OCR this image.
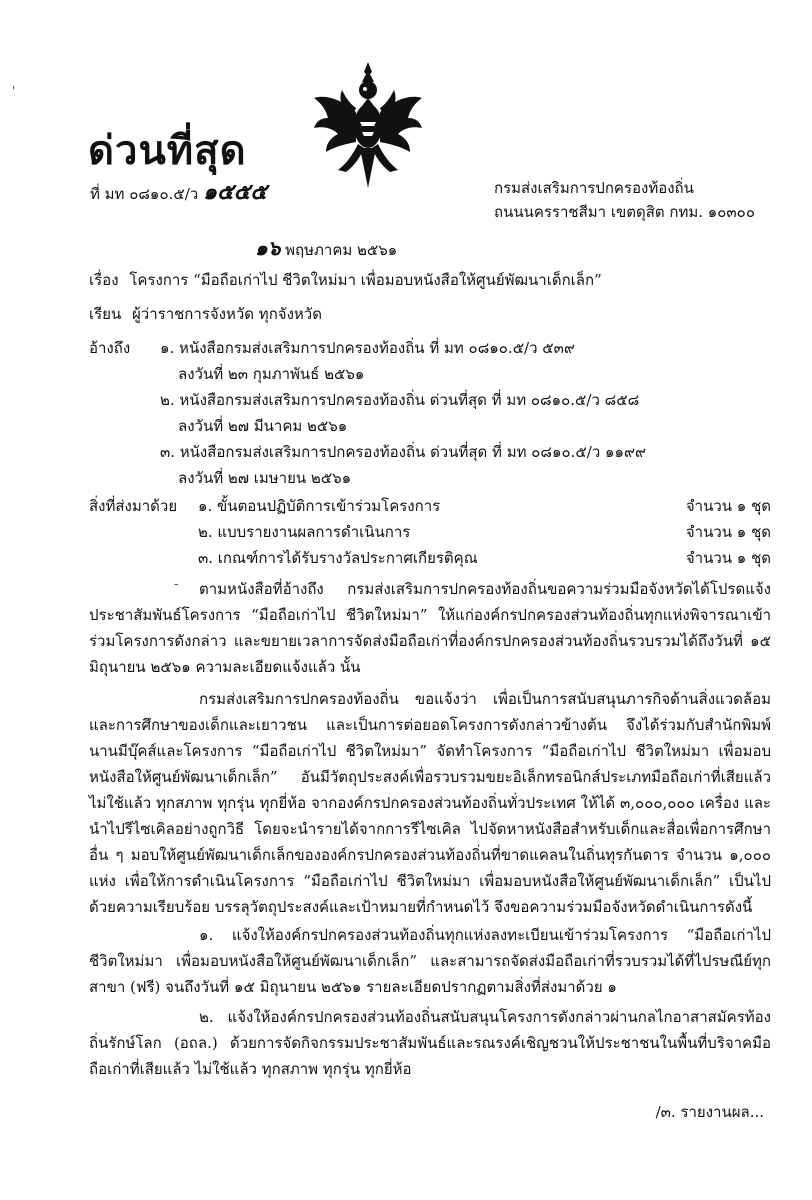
'
ด่วนที่สุด
ที่ มท ๐๘๑๐.๕/ว ๑๕๕๕	กรมส่งเสริมการปกครองท้องถิ่น
ถนนนครราชสีมา เขตดุสิต กทม. ๑๐๓๐๐
๑๖ พฤษภาคม ๒๕๖๑
เรื่อง โครงการ “มือถือเก่าไป ชีวิตใหม่มา เพื่อมอบหนังสือให้ศูนย์พัฒนาเด็กเล็ก”
เรียน ผู้ว่าราชการจังหวัด ทุกจังหวัด
อ้างถึง ๑. หนังสือกรมส่งเสริมการปกครองท้องถิ่น ที่ มท ๐๘๑๐.๕/ว ๕๓๙
ลงวันที่ ๒๓ กุมภาพันธ์ ๒๕๖๑
๒. หนังสือกรมส่งเสริมการปกครองท้องถิ่น ด่วนที่สุด ที่ มท ๐๘๑๐.๕/ว ๘๕๘
ลงวันที่ ๒๗ มีนาคม ๒๕๖๑
๓. หนังสือกรมส่งเสริมการปกครองท้องถิ่น ด่วนที่สุด ที่ มท ๐๘๑๐.๕/ว ๑๑๙๙
ลงวันที่ ๒๗ เมษายน ๒๕๖๑
สิ่งที่ส่งมาด้วย ๑. ขั้นตอนปฏิบัติการเข้าร่วมโครงการ	จำนวน ๑ ชุด
๒. แบบรายงานผลการดำเนินการ	จำนวน ๑ ชุด
๓. เกณฑ์การได้รับรางวัลประกาศเกียรติคุณ	จำนวน ๑ ชุด
-	ตามหนังสือที่อ้างถึง กรมส่งเสริมการปกครองท้องถิ่นขอความร่วมมือจังหวัดได้โปรดแจ้งประชาสัมพันธ์โครงการ “มือถือเก่าไป ชีวิตใหม่มา” ให้แก่องค์กรปกครองส่วนท้องถิ่นทุกแห่งพิจารณาเข้าร่วมโครงการดังกล่าว และขยายเวลาการจัดส่งมือถือเก่าที่องค์กรปกครองส่วนท้องถิ่นรวบรวมได้ถึงวันที่ ๑๕ มิถุนายน ๒๕๖๑ ความละเอียดแจ้งแล้ว นั้น
กรมส่งเสริมการปกครองท้องถิ่น ขอแจ้งว่า เพื่อเป็นการสนับสนุนภารกิจด้านสิ่งแวดล้อมและการศึกษาของเด็กและเยาวชน และเป็นการต่อยอดโครงการดังกล่าวข้างต้น จึงได้ร่วมกับสำนักพิมพ์นานมีบุ๊คส์และโครงการ “มือถือเก่าไป ชีวิตใหม่มา” จัดทำโครงการ “มือถือเก่าไป ชีวิตใหม่มา เพื่อมอบหนังสือให้ศูนย์พัฒนาเด็กเล็ก” อันมีวัตถุประสงค์เพื่อรวบรวมขยะอิเล็กทรอนิกส์ประเภทมือถือเก่าที่เสียแล้ว ไม่ใช้แล้ว ทุกสภาพ ทุกรุ่น ทุกยี่ห้อ จากองค์กรปกครองส่วนท้องถิ่นทั่วประเทศ ให้ได้ ๓,๐๐๐,๐๐๐ เครื่อง และนำไปรีไซเคิลอย่างถูกวิธี โดยจะนำรายได้จากการรีไซเคิล ไปจัดหาหนังสือสำหรับเด็กและสื่อเพื่อการศึกษาอื่น ๆ มอบให้ศูนย์พัฒนาเด็กเล็กขององค์กรปกครองส่วนท้องถิ่นที่ขาดแคลนในถิ่นทุรกันดาร จำนวน ๑,๐๐๐ แห่ง เพื่อให้การดำเนินโครงการ “มือถือเก่าไป ชีวิตใหม่มา เพื่อมอบหนังสือให้ศูนย์พัฒนาเด็กเล็ก” เป็นไปด้วยความเรียบร้อย บรรลุวัตถุประสงค์และเป้าหมายที่กำหนดไว้ จึงขอความร่วมมือจังหวัดดำเนินการดังนี้
๑. แจ้งให้องค์กรปกครองส่วนท้องถิ่นทุกแห่งลงทะเบียนเข้าร่วมโครงการ “มือถือเก่าไป ชีวิตใหม่มา เพื่อมอบหนังสือให้ศูนย์พัฒนาเด็กเล็ก” และสามารถจัดส่งมือถือเก่าที่รวบรวมได้ที่ไปรษณีย์ทุกสาขา (ฟรี) จนถึงวันที่ ๑๕ มิถุนายน ๒๕๖๑ รายละเอียดปรากฏตามสิ่งที่ส่งมาด้วย ๑
๒. แจ้งให้องค์กรปกครองส่วนท้องถิ่นสนับสนุนโครงการดังกล่าวผ่านกลไกอาสาสมัครท้องถิ่นรักษ์โลก (อถล.) ด้วยการจัดกิจกรรมประชาสัมพันธ์และรณรงค์เชิญชวนให้ประชาชนในพื้นที่บริจาคมือถือเก่าที่เสียแล้ว ไม่ใช้แล้ว ทุกสภาพ ทุกรุ่น ทุกยี่ห้อ
/๓. รายงานผล...
